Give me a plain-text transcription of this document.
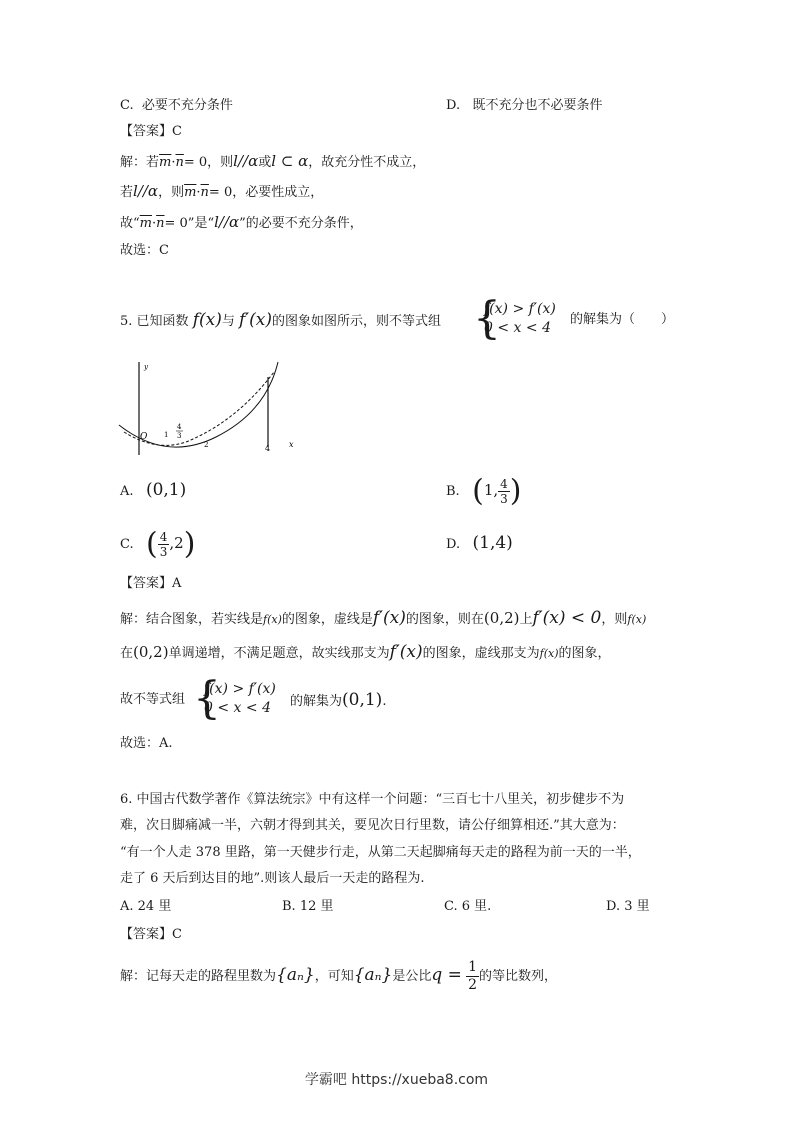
C. 必要不充分条件	D. 既不充分也不必要条件
【答案】C
解：若$\overline{m}\cdot\overline{n}= 0$，则l//α或l ⊂ α，故充分性不成立，
若l//α，则$\overline{m}\cdot\overline{n}= 0$，必要性成立，
故“$\overline{m}\cdot\overline{n}= 0$”是“l//α”的必要不充分条件，
故选：C
5. 已知函数 f(x)与 f′(x)的图象如图所示，则不等式组 {
f(x) > f′(x)
0 < x < 4
的解集为（　　）
y
O 1
4
3
2	4 x
A. (0,1)	B. (1, $\frac{4}{3}$ )
C. ( $\frac{4}{3} ,2$)	D. (1,4)
【答案】A
解：结合图象，若实线是f(x)的图象，虚线是f′(x)的图象，则在(0,2)上f′(x) < 0，则f(x)
在(0,2)单调递增，不满足题意，故实线那支为f′(x)的图象，虚线那支为f(x)的图象，
故不等式组 {
f(x) > f′(x)
0 < x < 4	的解集为(0,1).
故选：A.
6. 中国古代数学著作《算法统宗》中有这样一个问题：“三百七十八里关，初步健步不为
难，次日脚痛减一半，六朝才得到其关，要见次日行里数，请公仔细算相还.”其大意为：
“有一个人走 378 里路，第一天健步行走，从第二天起脚痛每天走的路程为前一天的一半，
走了 6 天后到达目的地”.则该人最后一天走的路程为.
A. 24 里	B. 12 里	C. 6 里.	D. 3 里
【答案】C
解：记每天走的路程里数为{aₙ}，可知{aₙ}是公比$q = \frac{1}{2}$ 的等比数列，
学霸吧 https://xueba8.com
